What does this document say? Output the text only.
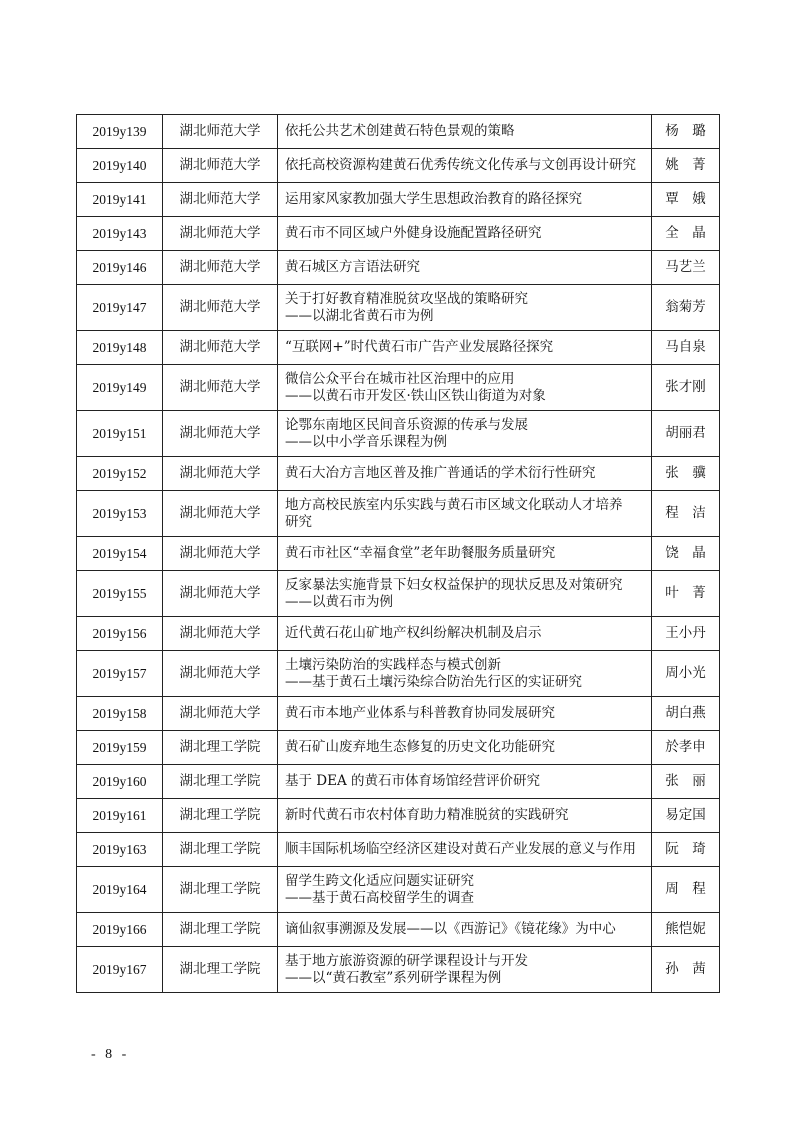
2019y139	湖北师范大学	依托公共艺术创建黄石特色景观的策略	杨　璐
2019y140	湖北师范大学	依托高校资源构建黄石优秀传统文化传承与文创再设计研究	姚　菁
2019y141	湖北师范大学	运用家风家教加强大学生思想政治教育的路径探究	覃　娥
2019y143	湖北师范大学	黄石市不同区域户外健身设施配置路径研究	全　晶
2019y146	湖北师范大学	黄石城区方言语法研究	马艺兰
2019y147	湖北师范大学	关于打好教育精准脱贫攻坚战的策略研究
——以湖北省黄石市为例	翁菊芳
2019y148	湖北师范大学	“互联网+”时代黄石市广告产业发展路径探究	马自泉
2019y149	湖北师范大学	微信公众平台在城市社区治理中的应用
——以黄石市开发区·铁山区铁山街道为对象	张才刚
2019y151	湖北师范大学	论鄂东南地区民间音乐资源的传承与发展
——以中小学音乐课程为例	胡丽君
2019y152	湖北师范大学	黄石大冶方言地区普及推广普通话的学术衍行性研究	张　骥
2019y153	湖北师范大学	地方高校民族室内乐实践与黄石市区域文化联动人才培养
研究	程　洁
2019y154	湖北师范大学	黄石市社区“幸福食堂”老年助餐服务质量研究	饶　晶
2019y155	湖北师范大学	反家暴法实施背景下妇女权益保护的现状反思及对策研究
——以黄石市为例	叶　菁
2019y156	湖北师范大学	近代黄石花山矿地产权纠纷解决机制及启示	王小丹
2019y157	湖北师范大学	土壤污染防治的实践样态与模式创新
——基于黄石土壤污染综合防治先行区的实证研究	周小光
2019y158	湖北师范大学	黄石市本地产业体系与科普教育协同发展研究	胡白燕
2019y159	湖北理工学院	黄石矿山废弃地生态修复的历史文化功能研究	於孝申
2019y160	湖北理工学院	基于 DEA 的黄石市体育场馆经营评价研究	张　丽
2019y161	湖北理工学院	新时代黄石市农村体育助力精准脱贫的实践研究	易定国
2019y163	湖北理工学院	顺丰国际机场临空经济区建设对黄石产业发展的意义与作用	阮　琦
2019y164	湖北理工学院	留学生跨文化适应问题实证研究
——基于黄石高校留学生的调查	周　程
2019y166	湖北理工学院	谪仙叙事溯源及发展——以《西游记》《镜花缘》为中心	熊恺妮
2019y167	湖北理工学院	基于地方旅游资源的研学课程设计与开发
——以“黄石教室”系列研学课程为例	孙　茜
- 8 -
